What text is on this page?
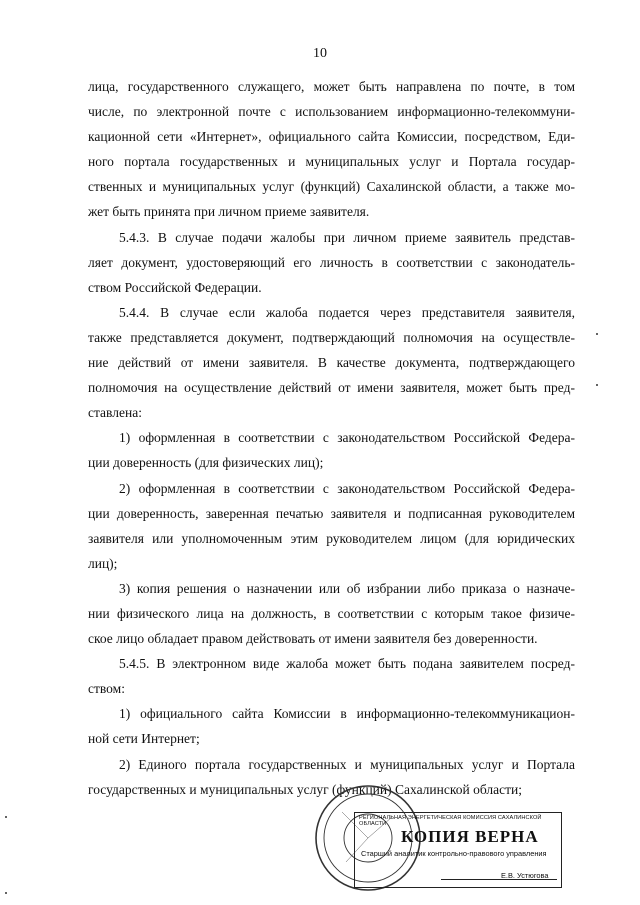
10

лица, государственного служащего, может быть направлена по почте, в том

числе, по электронной почте с использованием информационно-телекоммуни-

кационной сети «Интернет», официального сайта Комиссии, посредством, Еди-

ного портала государственных и муниципальных услуг и Портала государ-

ственных и муниципальных услуг (функций) Сахалинской области, а также мо-

жет быть принята при личном приеме заявителя.

5.4.3. В случае подачи жалобы при личном приеме заявитель представ-

ляет документ, удостоверяющий его личность в соответствии с законодатель-

ством Российской Федерации.

5.4.4. В случае если жалоба подается через представителя заявителя,

также представляется документ, подтверждающий полномочия на осуществле-

ние действий от имени заявителя. В качестве документа, подтверждающего

полномочия на осуществление действий от имени заявителя, может быть пред-

ставлена:

1) оформленная в соответствии с законодательством Российской Федера-

ции доверенность (для физических лиц);

2) оформленная в соответствии с законодательством Российской Федера-

ции доверенность, заверенная печатью заявителя и подписанная руководителем

заявителя или уполномоченным этим руководителем лицом (для юридических

лиц);

3) копия решения о назначении или об избрании либо приказа о назначе-

нии физического лица на должность, в соответствии с которым такое физиче-

ское лицо обладает правом действовать от имени заявителя без доверенности.

5.4.5. В электронном виде жалоба может быть подана заявителем посред-

ством:

1) официального сайта Комиссии в информационно-телекоммуникацион-

ной сети Интернет;

2) Единого портала государственных и муниципальных услуг и Портала

государственных и муниципальных услуг (функций) Сахалинской области;

РЕГИОНАЛЬНАЯ ЭНЕРГЕТИЧЕСКАЯ КОМИССИЯ САХАЛИНСКОЙ ОБЛАСТИ
КОПИЯ ВЕРНА
Старший аналитик контрольно-правового управления
Е.В. Устюгова
